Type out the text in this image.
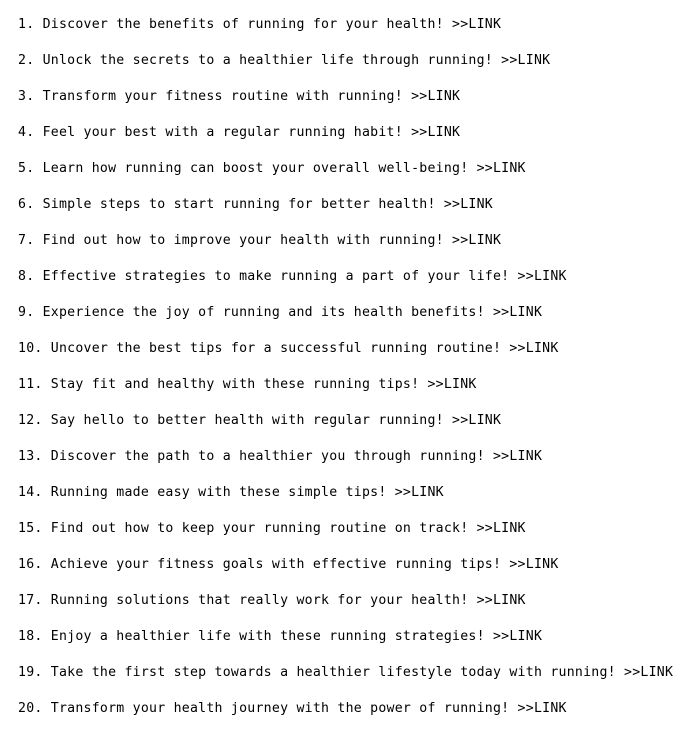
1. Discover the benefits of running for your health! >>LINK
2. Unlock the secrets to a healthier life through running! >>LINK
3. Transform your fitness routine with running! >>LINK
4. Feel your best with a regular running habit! >>LINK
5. Learn how running can boost your overall well-being! >>LINK
6. Simple steps to start running for better health! >>LINK
7. Find out how to improve your health with running! >>LINK
8. Effective strategies to make running a part of your life! >>LINK
9. Experience the joy of running and its health benefits! >>LINK
10. Uncover the best tips for a successful running routine! >>LINK
11. Stay fit and healthy with these running tips! >>LINK
12. Say hello to better health with regular running! >>LINK
13. Discover the path to a healthier you through running! >>LINK
14. Running made easy with these simple tips! >>LINK
15. Find out how to keep your running routine on track! >>LINK
16. Achieve your fitness goals with effective running tips! >>LINK
17. Running solutions that really work for your health! >>LINK
18. Enjoy a healthier life with these running strategies! >>LINK
19. Take the first step towards a healthier lifestyle today with running! >>LINK
20. Transform your health journey with the power of running! >>LINK
